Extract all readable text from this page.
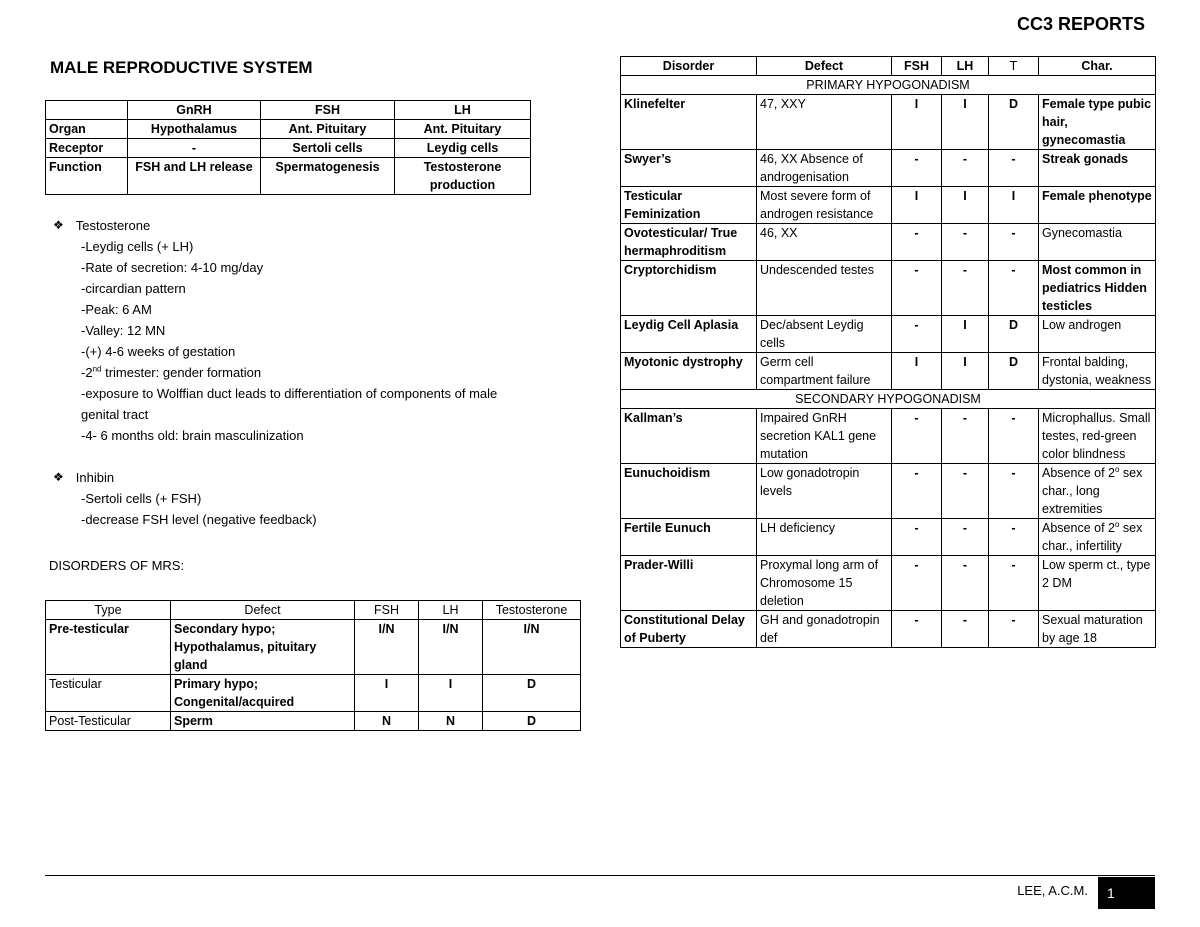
CC3 REPORTS
MALE REPRODUCTIVE SYSTEM
	GnRH	FSH	LH
Organ	Hypothalamus	Ant. Pituitary	Ant. Pituitary
Receptor	-	Sertoli cells	Leydig cells
Function	FSH and LH release	Spermatogenesis	Testosterone production
❖ Testosterone
-Leydig cells (+ LH)
-Rate of secretion: 4-10 mg/day
-circardian pattern
-Peak: 6 AM
-Valley: 12 MN
-(+) 4-6 weeks of gestation
-2nd trimester: gender formation
-exposure to Wolffian duct leads to differentiation of components of male
genital tract
-4- 6 months old: brain masculinization
❖ Inhibin
-Sertoli cells (+ FSH)
-decrease FSH level (negative feedback)
DISORDERS OF MRS:
Type	Defect	FSH	LH	Testosterone
Pre-testicular	Secondary hypo; Hypothalamus, pituitary gland	I/N	I/N	I/N
Testicular	Primary hypo; Congenital/acquired	I	I	D
Post-Testicular	Sperm	N	N	D
Disorder	Defect	FSH	LH	T	Char.
PRIMARY HYPOGONADISM					
Klinefelter	47, XXY	I	I	D	Female type pubic hair, gynecomastia
Swyer’s	46, XX Absence of androgenisation	-	-	-	Streak gonads
Testicular Feminization	Most severe form of androgen resistance	I	I	I	Female phenotype
Ovotesticular/ True hermaphroditism	46, XX	-	-	-	Gynecomastia
Cryptorchidism	Undescended testes	-	-	-	Most common in pediatrics Hidden testicles
Leydig Cell Aplasia	Dec/absent Leydig cells	-	I	D	Low androgen
Myotonic dystrophy	Germ cell compartment failure	I	I	D	Frontal balding, dystonia, weakness
SECONDARY HYPOGONADISM					
Kallman’s	Impaired GnRH secretion KAL1 gene mutation	-	-	-	Microphallus. Small testes, red-green color blindness
Eunuchoidism	Low gonadotropin levels	-	-	-	Absence of 2$^o$ sex char., long extremities
Fertile Eunuch	LH deficiency	-	-	-	Absence of 2$^o$ sex char., infertility
Prader-Willi	Proxymal long arm of Chromosome 15 deletion	-	-	-	Low sperm ct., type 2 DM
Constitutional Delay of Puberty	GH and gonadotropin def	-	-	-	Sexual maturation by age 18
LEE, A.C.M.	1
